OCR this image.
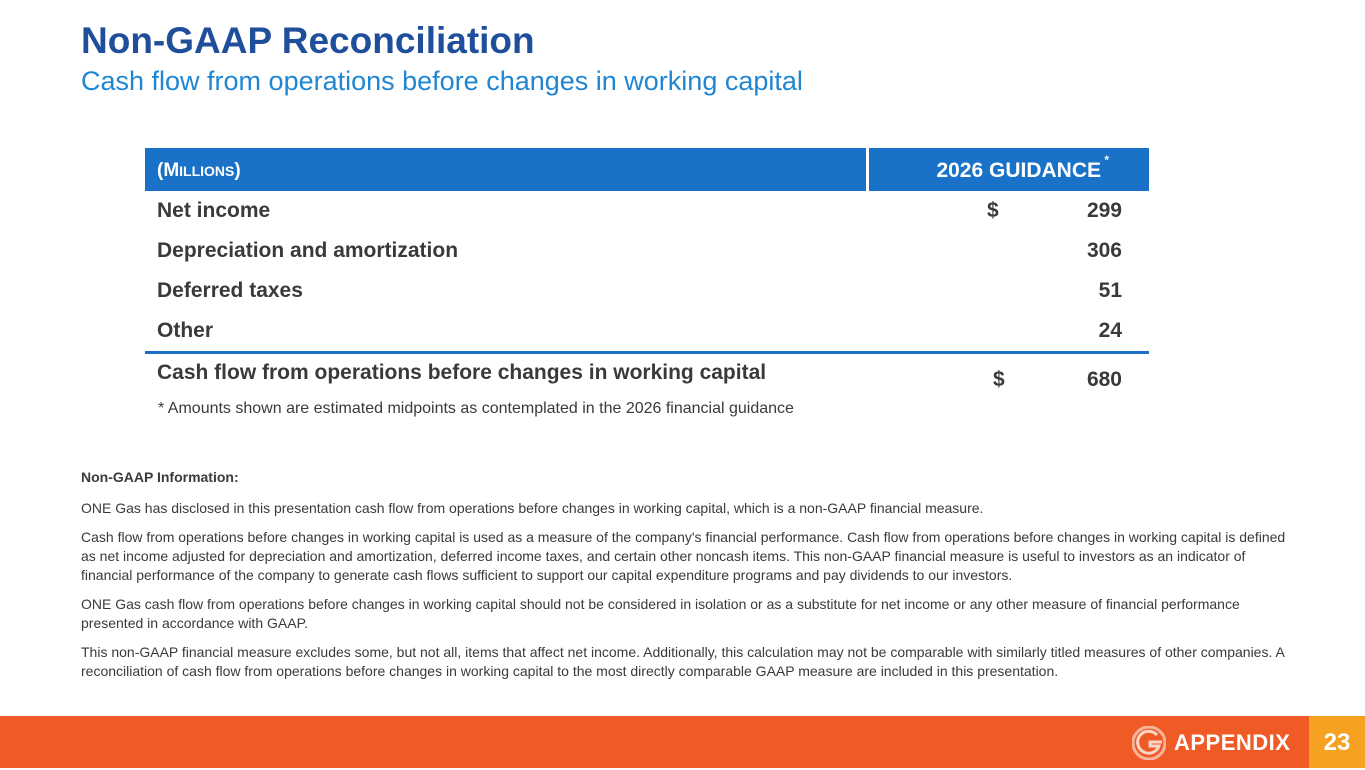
Non-GAAP Reconciliation
Cash flow from operations before changes in working capital
(MILLIONS)	2026 GUIDANCE *
Net income	$	299
Depreciation and amortization	306
Deferred taxes	51
Other	24
Cash flow from operations before changes in working capital	$	680
* Amounts shown are estimated midpoints as contemplated in the 2026 financial guidance
Non-GAAP Information:

ONE Gas has disclosed in this presentation cash flow from operations before changes in working capital, which is a non-GAAP financial measure.

Cash flow from operations before changes in working capital is used as a measure of the company's financial performance. Cash flow from operations before changes in working capital is defined as net income adjusted for depreciation and amortization, deferred income taxes, and certain other noncash items. This non-GAAP financial measure is useful to investors as an indicator of financial performance of the company to generate cash flows sufficient to support our capital expenditure programs and pay dividends to our investors.

ONE Gas cash flow from operations before changes in working capital should not be considered in isolation or as a substitute for net income or any other measure of financial performance presented in accordance with GAAP.

This non-GAAP financial measure excludes some, but not all, items that affect net income. Additionally, this calculation may not be comparable with similarly titled measures of other companies. A reconciliation of cash flow from operations before changes in working capital to the most directly comparable GAAP measure are included in this presentation.

APPENDIX	23
